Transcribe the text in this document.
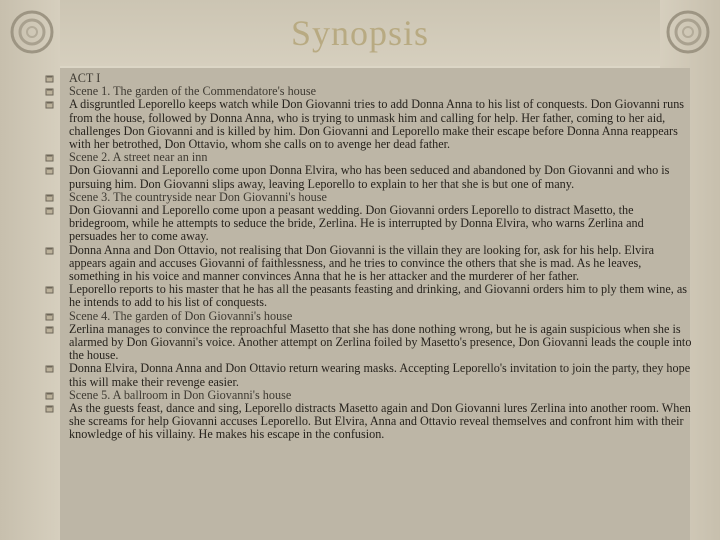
Synopsis
ACT I
Scene 1. The garden of the Commendatore's house
A disgruntled Leporello keeps watch while Don Giovanni tries to add Donna Anna to his list of conquests. Don Giovanni runs from the house, followed by Donna Anna, who is trying to unmask him and calling for help. Her father, coming to her aid, challenges Don Giovanni and is killed by him. Don Giovanni and Leporello make their escape before Donna Anna reappears with her betrothed, Don Ottavio, whom she calls on to avenge her dead father.
Scene 2. A street near an inn
Don Giovanni and Leporello come upon Donna Elvira, who has been seduced and abandoned by Don Giovanni and who is pursuing him. Don Giovanni slips away, leaving Leporello to explain to her that she is but one of many.
Scene 3. The countryside near Don Giovanni's house
Don Giovanni and Leporello come upon a peasant wedding. Don Giovanni orders Leporello to distract Masetto, the bridegroom, while he attempts to seduce the bride, Zerlina. He is interrupted by Donna Elvira, who warns Zerlina and persuades her to come away.
Donna Anna and Don Ottavio, not realising that Don Giovanni is the villain they are looking for, ask for his help. Elvira appears again and accuses Giovanni of faithlessness, and he tries to convince the others that she is mad. As he leaves, something in his voice and manner convinces Anna that he is her attacker and the murderer of her father.
Leporello reports to his master that he has all the peasants feasting and drinking, and Giovanni orders him to ply them wine, as he intends to add to his list of conquests.
Scene 4. The garden of Don Giovanni's house
Zerlina manages to convince the reproachful Masetto that she has done nothing wrong, but he is again suspicious when she is alarmed by Don Giovanni's voice. Another attempt on Zerlina foiled by Masetto's presence, Don Giovanni leads the couple into the house.
Donna Elvira, Donna Anna and Don Ottavio return wearing masks. Accepting Leporello's invitation to join the party, they hope this will make their revenge easier.
Scene 5. A ballroom in Don Giovanni's house
As the guests feast, dance and sing, Leporello distracts Masetto again and Don Giovanni lures Zerlina into another room. When she screams for help Giovanni accuses Leporello. But Elvira, Anna and Ottavio reveal themselves and confront him with their knowledge of his villainy. He makes his escape in the confusion.
